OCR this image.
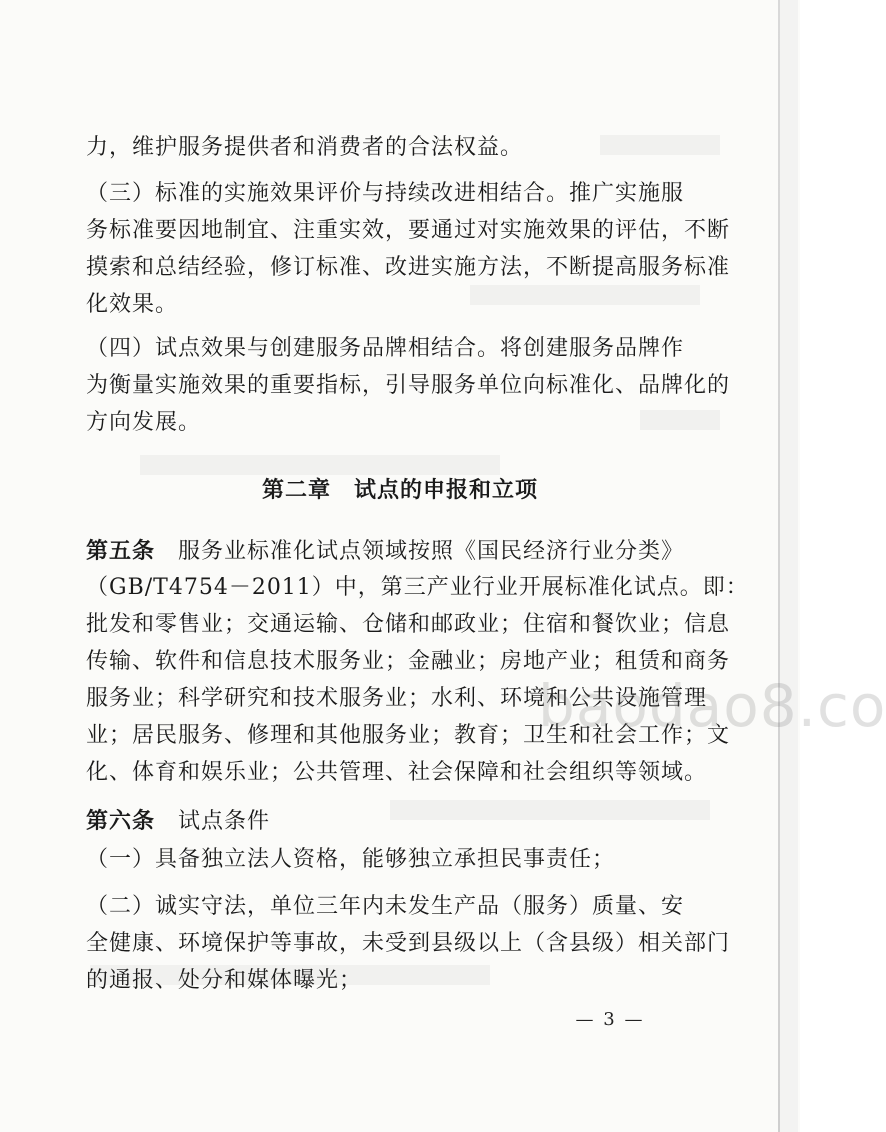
力，维护服务提供者和消费者的合法权益。
（三）标准的实施效果评价与持续改进相结合。推广实施服
务标准要因地制宜、注重实效，要通过对实施效果的评估，不断
摸索和总结经验，修订标准、改进实施方法，不断提高服务标准
化效果。
（四）试点效果与创建服务品牌相结合。将创建服务品牌作
为衡量实施效果的重要指标，引导服务单位向标准化、品牌化的
方向发展。
第二章　试点的申报和立项
第五条　服务业标准化试点领域按照《国民经济行业分类》
（GB/T4754－2011）中，第三产业行业开展标准化试点。即：
批发和零售业；交通运输、仓储和邮政业；住宿和餐饮业；信息
传输、软件和信息技术服务业；金融业；房地产业；租赁和商务
服务业；科学研究和技术服务业；水利、环境和公共设施管理
业；居民服务、修理和其他服务业；教育；卫生和社会工作；文
化、体育和娱乐业；公共管理、社会保障和社会组织等领域。
第六条　试点条件
（一）具备独立法人资格，能够独立承担民事责任；
（二）诚实守法，单位三年内未发生产品（服务）质量、安
全健康、环境保护等事故，未受到县级以上（含县级）相关部门
的通报、处分和媒体曝光；
— 3 —
baodao8.co
